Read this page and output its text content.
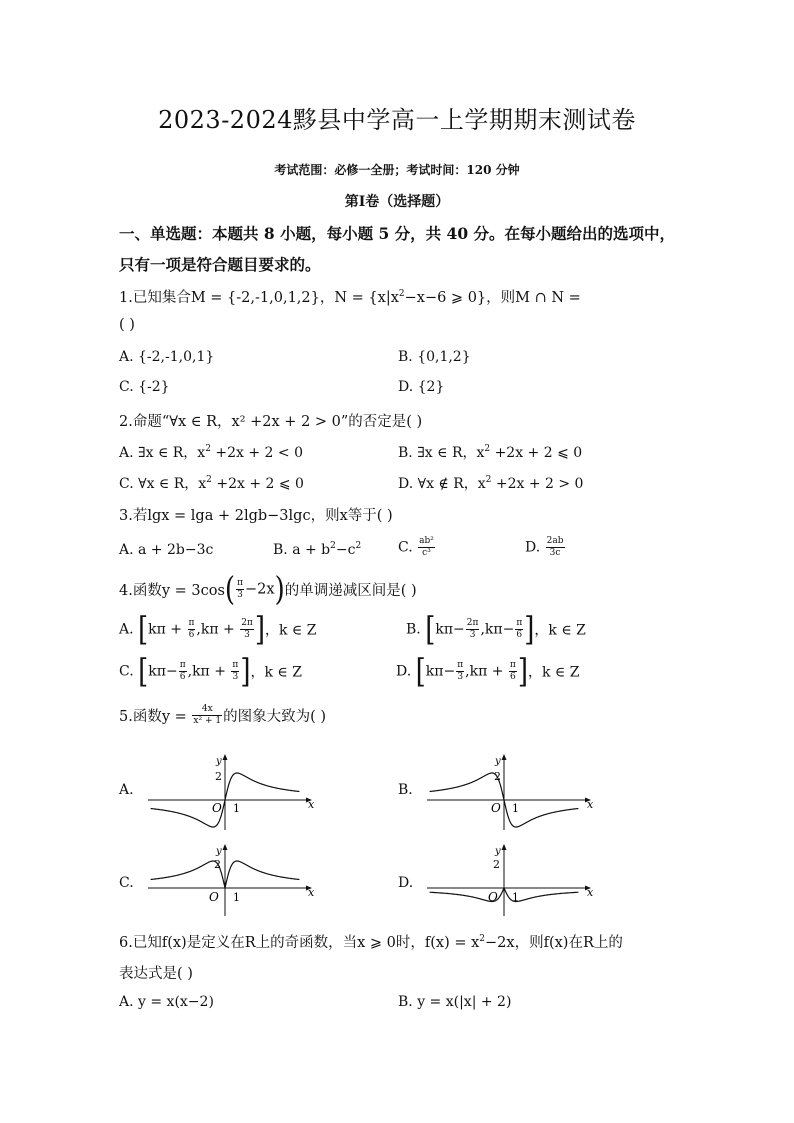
2023-2024黟县中学高一上学期期末测试卷
考试范围：必修一全册；考试时间：120 分钟
第Ⅰ卷（选择题）
一、单选题：本题共 8 小题，每小题 5 分，共 40 分。在每小题给出的选项中，
只有一项是符合题目要求的。
1.已知集合M = {-2,-1,0,1,2}，$N = \{x|x^2-x-6$ ⩾ 0}，则M ∩ N =
( )
A. {-2,-1,0,1}	B. {0,1,2}
C. {-2}	D. {2}
2.命题“∀x ∈ R，x² +2x + 2 > 0”的否定是( )
A. ∃x ∈ R，$x^2 +2x + 2 < 0$	B. ∃x ∈ R，$x^2 +2x + 2$ ⩽ 0
C. ∀x ∈ R，$x^2 +2x + 2$ ⩽ 0	D. ∀x ∉ R，$x^2 +2x + 2 > 0$
3.若lgx = lga + 2lgb−3lgc，则x等于( )
A. a + 2b−3c	B. $a + b^2-c^2$	C. $\frac{\text{ab²}}{\text{c³}}$	D. $\frac{2ab}{3c}$
4.函数$y = 3\cos( \frac{\pi}{3} -2x)$的单调递减区间是( )
A. [$k\pi + \frac{\pi}{6} ,k\pi + \frac{2\pi}{3}$ ]，k ∈ Z	B. [$k\pi- \frac{2\pi}{3} ,k\pi- \frac{\pi}{6}$ ]，k ∈ Z
C. [$k\pi- \frac{\pi}{6} ,k\pi + \frac{\pi}{3}$ ]，k ∈ Z	D. [$k\pi- \frac{\pi}{3} ,k\pi + \frac{\pi}{6}$ ]，k ∈ Z
5.函数$y = \frac{4x}{\text{x² + 1}}$ 的图象大致为( )
A.	B.
C.	D.
y
x
O
2
1
y
x
O
2
1
y
x
O
2
1
y
x
O
2
1
6.已知f(x)是定义在R上的奇函数，当x ⩾ 0时，$f(x) = x^2-2x$，则f(x)在R上的
表达式是( )
A. y = x(x−2)	B. y = x(|x| + 2)
